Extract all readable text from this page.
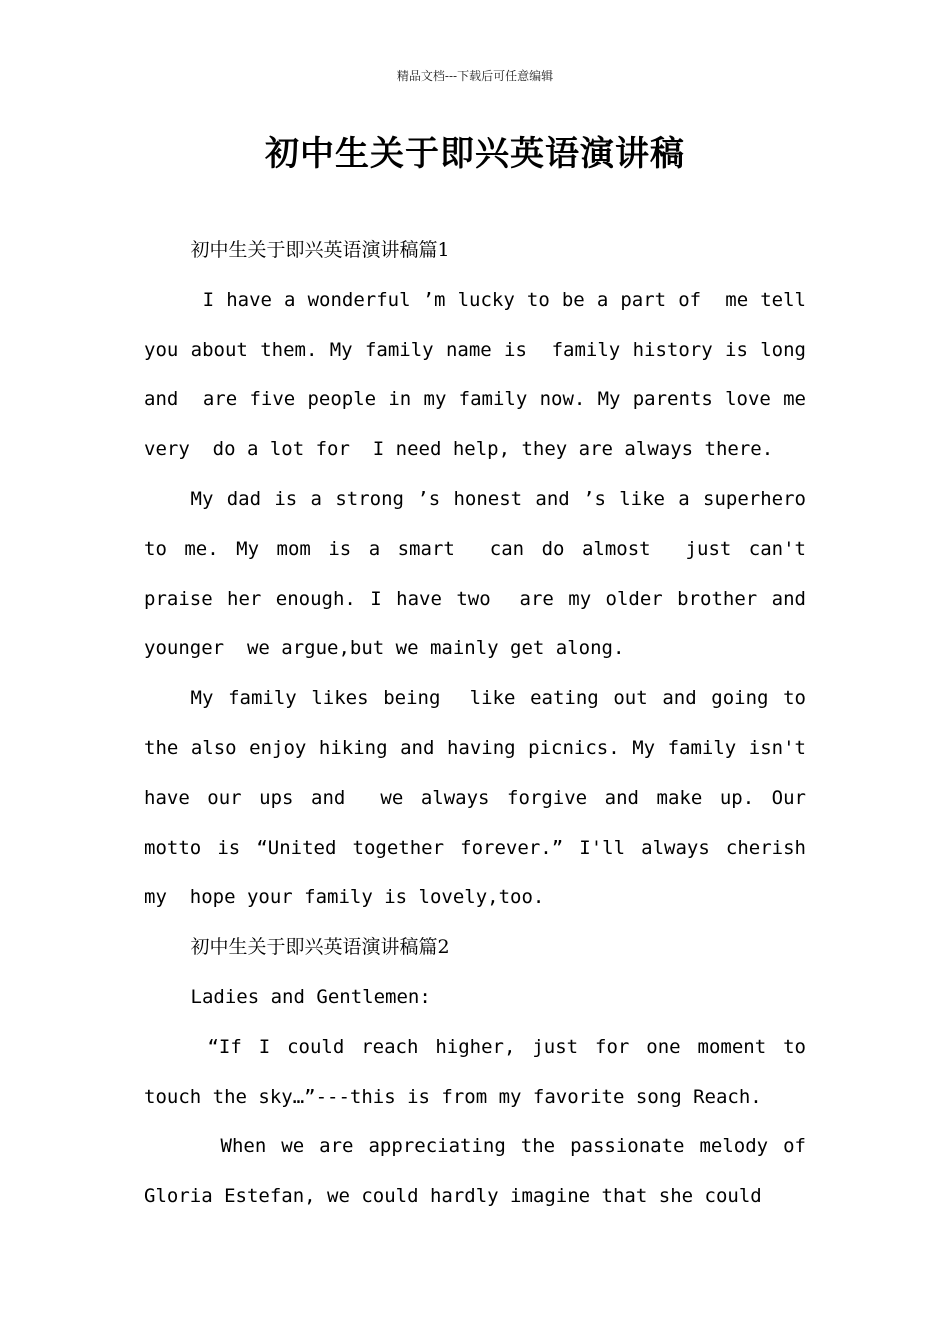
精品文档---下载后可任意编辑
初中生关于即兴英语演讲稿

初中生关于即兴英语演讲稿篇1

I have a wonderful ’m lucky to be a part of  me tell you about them. My family name is  family history is long and  are five people in my family now. My parents love me very  do a lot for  I need help, they are always there.

My dad is a strong ’s honest and ’s like a superhero to me. My mom is a smart  can do almost  just can't praise her enough. I have two  are my older brother and younger  we argue,but we mainly get along.

My family likes being  like eating out and going to the also enjoy hiking and having picnics. My family isn't  have our ups and  we always forgive and make up. Our motto is “United together forever.” I'll always cherish my  hope your family is lovely,too.

初中生关于即兴英语演讲稿篇2

Ladies and Gentlemen:

“If I could reach higher, just for one moment to touch the sky…”---this is from my favorite song Reach.

When we are appreciating the passionate melody of Gloria Estefan, we could hardly imagine that she could
